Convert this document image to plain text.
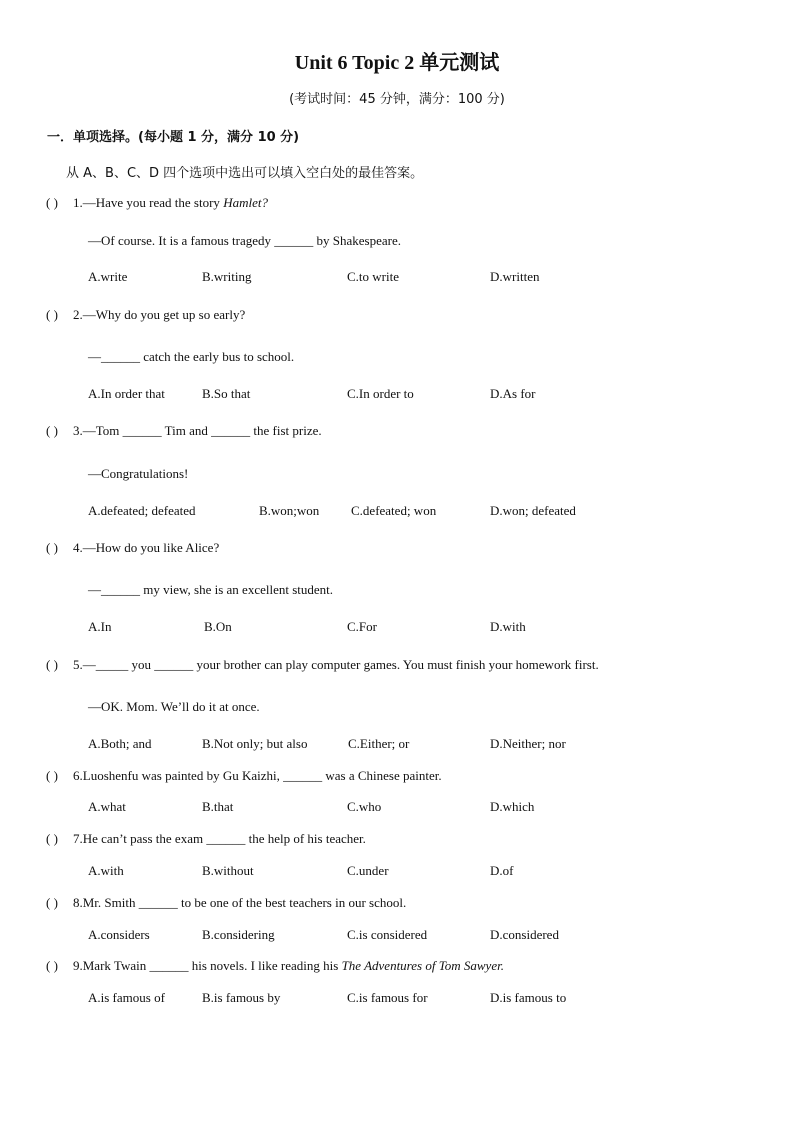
Unit 6 Topic 2 单元测试
(考试时间：45 分钟，满分：100 分)
一．单项选择。(每小题 1 分，满分 10 分)
从 A、B、C、D 四个选项中选出可以填入空白处的最佳答案。
( ) 1.—Have you read the story Hamlet?
—Of course. It is a famous tragedy ______ by Shakespeare.
A.write	B.writing	C.to write	D.written
( ) 2.—Why do you get up so early?
—______ catch the early bus to school.
A.In order that	B.So that	C.In order to	D.As for
( ) 3.—Tom ______ Tim and ______ the fist prize.
—Congratulations!
A.defeated; defeated	B.won;won C.defeated; won	D.won; defeated
( ) 4.—How do you like Alice?
—______ my view, she is an excellent student.
A.In	B.On	C.For	D.with
( ) 5.—_____ you ______ your brother can play computer games. You must finish your homework first.
—OK. Mom. We’ll do it at once.
A.Both; and	B.Not only; but also	C.Either; or	D.Neither; nor
( ) 6.Luoshenfu was painted by Gu Kaizhi, ______ was a Chinese painter.
A.what	B.that	C.who	D.which
( ) 7.He can’t pass the exam ______ the help of his teacher.
A.with	B.without	C.under	D.of
( ) 8.Mr. Smith ______ to be one of the best teachers in our school.
A.considers	B.considering	C.is considered	D.considered
( ) 9.Mark Twain ______ his novels. I like reading his The Adventures of Tom Sawyer.
A.is famous of	B.is famous by	C.is famous for	D.is famous to
